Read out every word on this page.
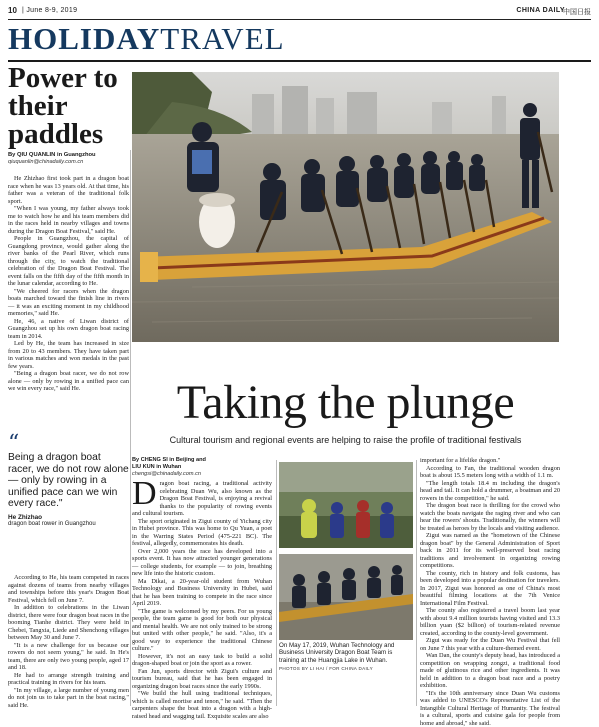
10 | June 8-9, 2019	CHINA DAILY
中国日报
HOLIDAYTRAVEL
Power to their paddles
By QIU QUANLIN in Guangzhou
qiuquanlin@chinadaily.com.cn

He Zhizhao first took part in a dragon boat race when he was 13 years old. At that time, his father was a veteran of the traditional folk sport.

"When I was young, my father always took me to watch how he and his team members did in the races held in nearby villages and towns during the Dragon Boat Festival," said He.

People in Guangzhou, the capital of Guangdong province, would gather along the river banks of the Pearl River, which runs through the city, to watch the traditional celebration of the Dragon Boat Festival. The event falls on the fifth day of the fifth month in the lunar calendar, according to He.

"We cheered for racers when the dragon boats marched toward the finish line in rivers — it was an exciting moment in my childhood memories," said He.

He, 46, a native of Liwan district of Guangzhou set up his own dragon boat racing team in 2014.

Led by He, the team has increased in size from 20 to 43 members. They have taken part in various matches and won medals in the past few years.

"Being a dragon boat racer, we do not row alone — only by rowing in a unified pace can we win every race," said He.

“
Being a dragon boat racer, we do not row alone — only by rowing in a unified pace can we win every race."
He Zhizhao
dragon boat rower in Guangzhou

According to He, his team competed in races against dozens of teams from nearby villages and townships before this year's Dragon Boat Festival, which fell on June 7.

In addition to celebrations in the Liwan district, there were four dragon boat races in the booming Tianhe district. They were held in Chebei, Tangxia, Liede and Shenchong villages between May 30 and June 7.

"It is a new challenge for us because our rowers do not seem young," he said. In He's team, there are only two young people, aged 17 and 18.

He had to arrange strength training and practical training in rivers for his team.

"In my village, a large number of young men do not join us to take part in the boat racing," said He.

Taking the plunge
Cultural tourism and regional events are helping to raise the profile of traditional festivals
By CHENG SI in Beijing and
LIU KUN in Wuhan
chengsi@chinadaily.com.cn

Dragon boat racing, a traditional activity celebrating Duan Wu, also known as the Dragon Boat Festival, is enjoying a revival thanks to the popularity of rowing events and cultural tourism.

The sport originated in Zigui county of Yichang city in Hubei province. This was home to Qu Yuan, a poet in the Warring States Period (475-221 BC). The festival, allegedly, commemorates his death.

Over 2,000 years the race has developed into a sports event. It has now attracted younger generations — college students, for example — to join, breathing new life into the historic custom.

Ma Dikai, a 20-year-old student from Wuhan Technology and Business University in Hubei, said that he has been training to compete in the race since April 2019.

"The game is welcomed by my peers. For us young people, the team game is good for both our physical and mental health. We are not only trained to be strong but united with other people," he said. "Also, it's a good way to experience the traditional Chinese culture."

However, it's not an easy task to build a solid dragon-shaped boat or join the sport as a rower.

Fan Jun, sports director with Zigui's culture and tourism bureau, said that he has been engaged in organizing dragon boat races since the early 1990s.

"We build the hull using traditional techniques, which is called mortise and tenon," he said. "Then the carpenters shape the boat into a dragon with a high-raised head and wagging tail. Exquisite scales are also

On May 17, 2019, Wuhan Technology and Business University Dragon Boat Team is training at the Huangjia Lake in Wuhan.
PHOTOS BY LI HAI / FOR CHINA DAILY

important for a lifelike dragon."

According to Fan, the traditional wooden dragon boat is about 15.5 meters long with a width of 1.1 m.

"The length totals 18.4 m including the dragon's head and tail. It can hold a drummer, a boatman and 20 rowers in the competition," he said.

The dragon boat race is thrilling for the crowd who watch the boats navigate the raging river and who can hear the rowers' shouts. Traditionally, the winners will be treated as heroes by the locals and visiting audience.

Zigui was named as the "hometown of the Chinese dragon boat" by the General Administration of Sport back in 2011 for its well-preserved boat racing traditions and involvement in organizing rowing competitions.

The county, rich in history and folk customs, has been developed into a popular destination for travelers. In 2017, Zigui was honored as one of China's most beautiful filming locations at the 7th Venice International Film Festival.

The county also registered a travel boom last year with about 9.4 million tourists having visited and 13.3 billion yuan ($2 billion) of tourism-related revenue created, according to the county-level government.

Zigui was ready for the Duan Wu Festival that fell on June 7 this year with a culture-themed event.

Wan Dan, the county's deputy head, has introduced a competition on wrapping zongzi, a traditional food made of glutinous rice and other ingredients. It was held in addition to a dragon boat race and a poetry exhibition.

"It's the 10th anniversary since Duan Wu customs was added to UNESCO's Representative List of the Intangible Cultural Heritage of Humanity. The festival is a cultural, sports and cuisine gala for people from home and abroad," she said.
